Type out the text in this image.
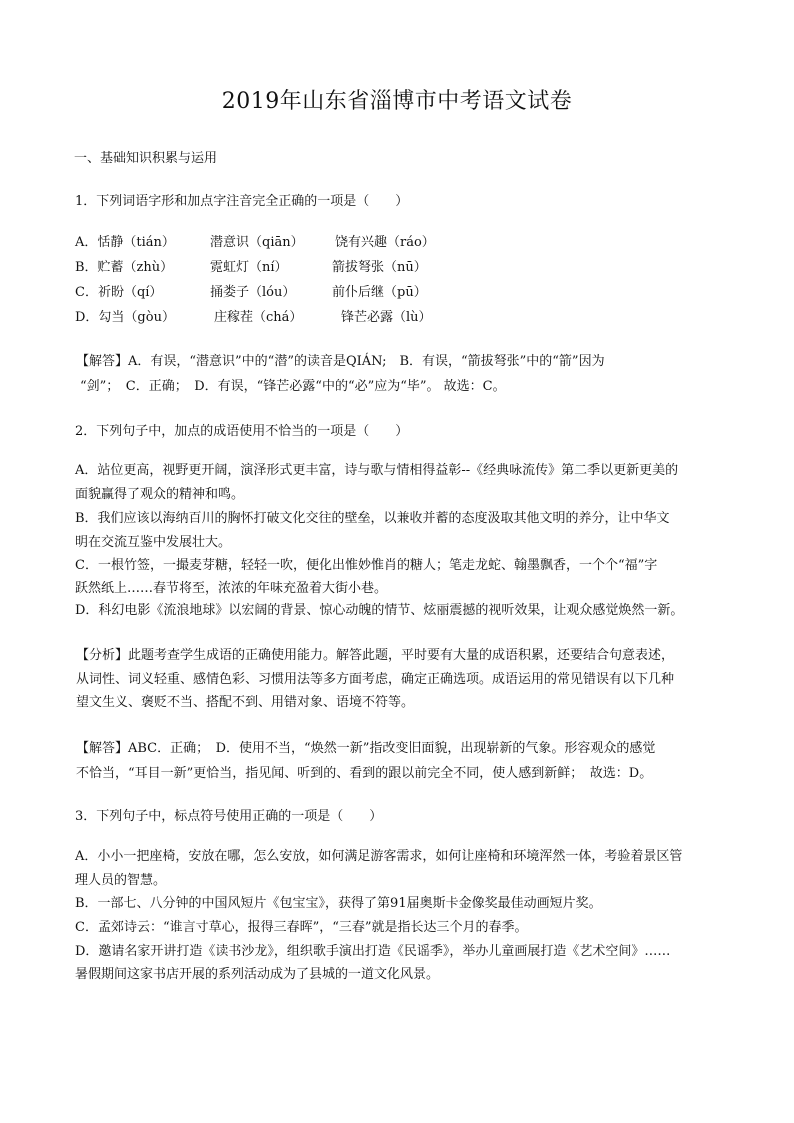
2019年山东省淄博市中考语文试卷
一、基础知识积累与运用
1．下列词语字形和加点字注音完全正确的一项是（　　）
A．恬静（tián）	潜意识（qiān） 饶有兴趣（ráo）
B．贮蓄（zhù）	霓虹灯（ní）	箭拔弩张（nū）
C．祈盼（qí）	捅娄子（lóu）	前仆后继（pū）
D．勾当（gòu）	庄稼茬（chá）	锋芒必露（lù）
【解答】A．有误，“潜意识”中的“潜”的读音是QIÁN;　B．有误，“箭拔弩张”中的“箭”因为
“剑”；　C．正确；　D．有误，“锋芒必露“中的“必”应为“毕”。 故选：C。
2．下列句子中，加点的成语使用不恰当的一项是（　　）
A．站位更高，视野更开阔，演泽形式更丰富，诗与歌与情相得益彰--《经典咏流传》第二季以更新更美的
面貌赢得了观众的精神和鸣。
B．我们应该以海纳百川的胸怀打破文化交往的壁垒，以兼收并蓄的态度汲取其他文明的养分，让中华文
明在交流互鉴中发展壮大。
C．一根竹签，一撮麦芽糖，轻轻一吹，便化出惟妙惟肖的糖人；笔走龙蛇、翰墨飘香，一个个“福”字
跃然纸上……春节将至，浓浓的年味充盈着大街小巷。
D．科幻电影《流浪地球》以宏阔的背景、惊心动魄的情节、炫丽震撼的视听效果，让观众感觉焕然一新。
【分析】此题考查学生成语的正确使用能力。解答此题，平时要有大量的成语积累，还要结合句意表述，
从词性、词义轻重、感情色彩、习惯用法等多方面考虑，确定正确选项。成语运用的常见错误有以下几种
望文生义、褒贬不当、搭配不到、用错对象、语境不符等。
【解答】ABC．正确；　D．使用不当，“焕然一新”指改变旧面貌，出现崭新的气象。形容观众的感觉
不恰当，“耳目一新”更恰当，指见闻、听到的、看到的跟以前完全不同，使人感到新鲜；　故选：D。
3．下列句子中，标点符号使用正确的一项是（　　）
A．小小一把座椅，安放在哪，怎么安放，如何满足游客需求，如何让座椅和环境浑然一体，考验着景区管
理人员的智慧。
B．一部七、八分钟的中国风短片《包宝宝》，获得了第91届奥斯卡金像奖最佳动画短片奖。
C．孟郊诗云：“谁言寸草心，报得三春晖”，“三春”就是指长达三个月的春季。
D．邀请名家开讲打造《读书沙龙》，组织歌手演出打造《民谣季》，举办儿童画展打造《艺术空间》……
暑假期间这家书店开展的系列活动成为了县城的一道文化风景。
